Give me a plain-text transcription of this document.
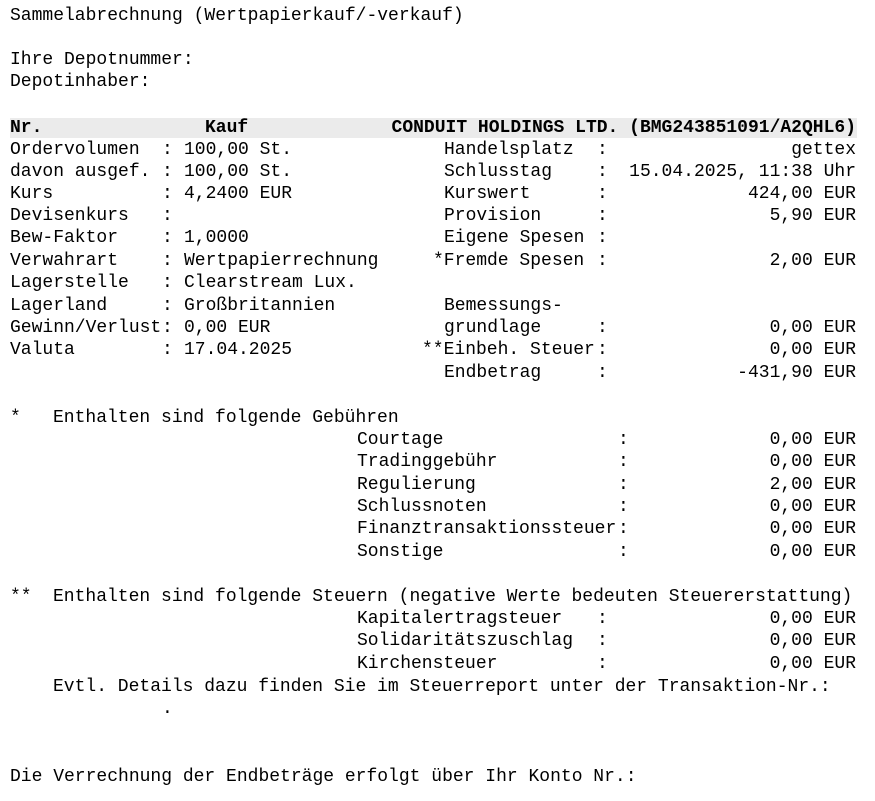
Sammelabrechnung (Wertpapierkauf/-verkauf)
Ihre Depotnummer:
Depotinhaber:
Nr.	Kauf	CONDUIT HOLDINGS LTD. (BMG243851091/A2QHL6)
Ordervolumen : 100,00 St.
davon ausgef. : 100,00 St.
Kurs	: 4,2400 EUR
Devisenkurs :
Bew-Faktor : 1,0000
Verwahrart : Wertpapierrechnung
Lagerstelle : Clearstream Lux.
Lagerland	: Großbritannien
Gewinn/Verlust : 0,00 EUR
Valuta	: 17.04.2025
Handelsplatz :	gettex
Schlusstag :	15.04.2025, 11:38 Uhr
Kurswert	:	424,00 EUR
Provision	:	5,90 EUR
Eigene Spesen :
*Fremde Spesen :	2,00 EUR
Bemessungs-
grundlage	:	0,00 EUR
**Einbeh. Steuer :	0,00 EUR
Endbetrag	:	-431,90 EUR
* Enthalten sind folgende Gebühren
Courtage	:	0,00 EUR
Tradinggebühr	:	0,00 EUR
Regulierung	:	2,00 EUR
Schlussnoten	:	0,00 EUR
Finanztransaktionssteuer :	0,00 EUR
Sonstige	:	0,00 EUR
** Enthalten sind folgende Steuern (negative Werte bedeuten Steuererstattung)
Kapitalertragsteuer :	0,00 EUR
Solidaritätszuschlag :	0,00 EUR
Kirchensteuer	:	0,00 EUR
Evtl. Details dazu finden Sie im Steuerreport unter der Transaktion-Nr.:
.
Die Verrechnung der Endbeträge erfolgt über Ihr Konto Nr.:
